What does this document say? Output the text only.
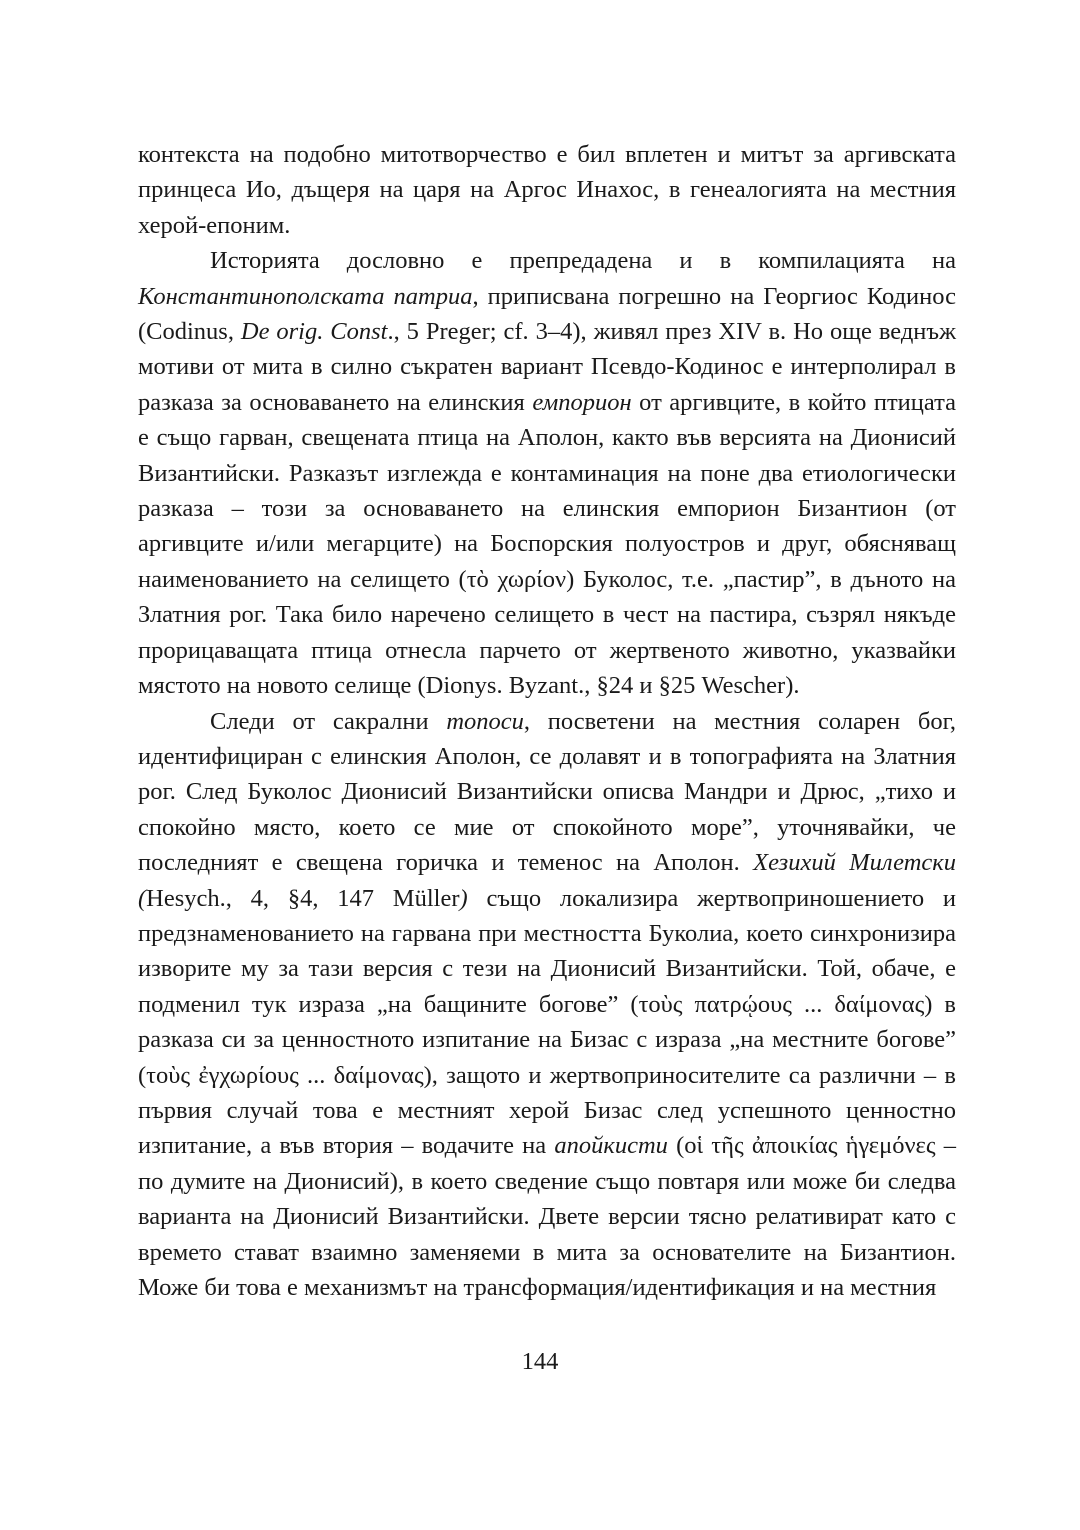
контекста на подобно митотворчество е бил вплетен и митът за аргивската принцеса Ио, дъщеря на царя на Аргос Инахос, в генеалогията на местния херой-епоним.

Историята дословно е препредадена и в компилацията на Константинополската патриа, приписвана погрешно на Георгиос Кодинос (Codinus, De orig. Const., 5 Preger; cf. 3–4), живял през XIV в. Но още веднъж мотиви от мита в силно съкратен вариант Псевдо-Кодинос е интерполирал в разказа за основаването на елинския емпорион от аргивците, в който птицата е също гарван, свещената птица на Аполон, както във версията на Дионисий Византийски. Разказът изглежда е контаминация на поне два етиологически разказа – този за основаването на елинския емпорион Бизантион (от аргивците и/или мегарците) на Боспорския полуостров и друг, обясняващ наименованието на селището (τὸ χωρίον) Буколос, т.е. „пастир”, в дъното на Златния рог. Така било наречено селището в чест на пастира, съзрял някъде прорицаващата птица отнесла парчето от жертвеното животно, указвайки мястото на новото селище (Dionys. Byzant., §24 и §25 Wescher).

Следи от сакрални топоси, посветени на местния соларен бог, идентифициран с елинския Аполон, се долавят и в топографията на Златния рог. След Буколос Дионисий Византийски описва Мандри и Дрюс, „тихо и спокойно място, което се мие от спокойното море”, уточнявайки, че последният е свещена горичка и теменос на Аполон. Хезихий Милетски (Hesych., 4, §4, 147 Müller) също локализира жертвоприношението и предзнаменованието на гарвана при местността Буколиа, което синхронизира изворите му за тази версия с тези на Дионисий Византийски. Той, обаче, е подменил тук израза „на бащините богове” (τοὺς πατρῴους ... δαίμονας) в разказа си за ценностното изпитание на Бизас с израза „на местните богове” (τοὺς ἐγχωρίους ... δαίμονας), защото и жертвоприносителите са различни – в първия случай това е местният херой Бизас след успешното ценностно изпитание, а във втория – водачите на апойкисти (οἱ τῆς ἀποικίας ἡγεμόνες – по думите на Дионисий), в което сведение също повтаря или може би следва варианта на Дионисий Византийски. Двете версии тясно релативират като с времето стават взаимно заменяеми в мита за основателите на Бизантион. Може би това е механизмът на трансформация/идентификация и на местния

144
